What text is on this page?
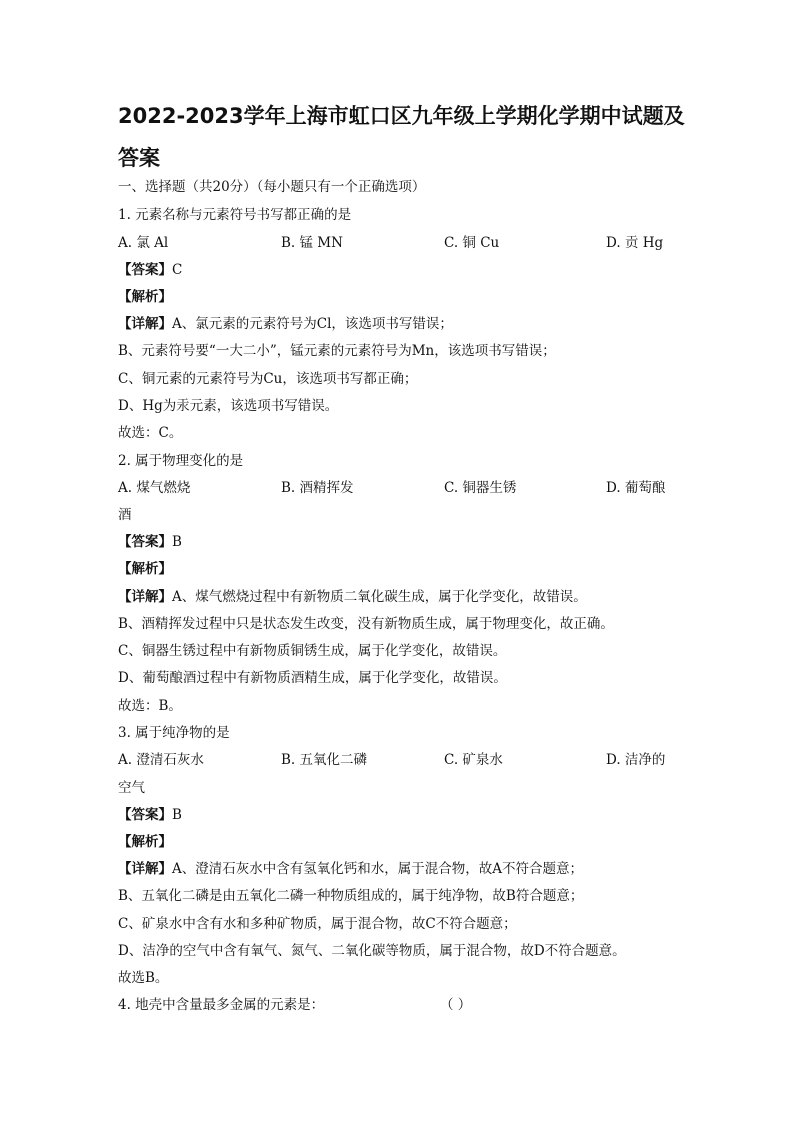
2022-2023学年上海市虹口区九年级上学期化学期中试题及答案

一、选择题（共20分）（每小题只有一个正确选项）

1. 元素名称与元素符号书写都正确的是

A. 氯 Al	B. 锰 MN	C. 铜 Cu	D. 贡 Hg

【答案】C

【解析】

【详解】A、氯元素的元素符号为Cl，该选项书写错误；

B、元素符号要“一大二小”，锰元素的元素符号为Mn，该选项书写错误；

C、铜元素的元素符号为Cu，该选项书写都正确；

D、Hg为汞元素，该选项书写错误。

故选：C。

2. 属于物理变化的是

A. 煤气燃烧	B. 酒精挥发	C. 铜器生锈	D. 葡萄酿

酒

【答案】B

【解析】

【详解】A、煤气燃烧过程中有新物质二氧化碳生成，属于化学变化，故错误。

B、酒精挥发过程中只是状态发生改变，没有新物质生成，属于物理变化，故正确。

C、铜器生锈过程中有新物质铜锈生成，属于化学变化，故错误。

D、葡萄酿酒过程中有新物质酒精生成，属于化学变化，故错误。

故选：B。

3. 属于纯净物的是

A. 澄清石灰水	B. 五氧化二磷	C. 矿泉水	D. 洁净的

空气

【答案】B

【解析】

【详解】A、澄清石灰水中含有氢氧化钙和水，属于混合物，故A不符合题意；

B、五氧化二磷是由五氧化二磷一种物质组成的，属于纯净物，故B符合题意；

C、矿泉水中含有水和多种矿物质，属于混合物，故C不符合题意；

D、洁净的空气中含有氧气、氮气、二氧化碳等物质，属于混合物，故D不符合题意。

故选B。

4. 地壳中含量最多金属的元素是：	（ ）
